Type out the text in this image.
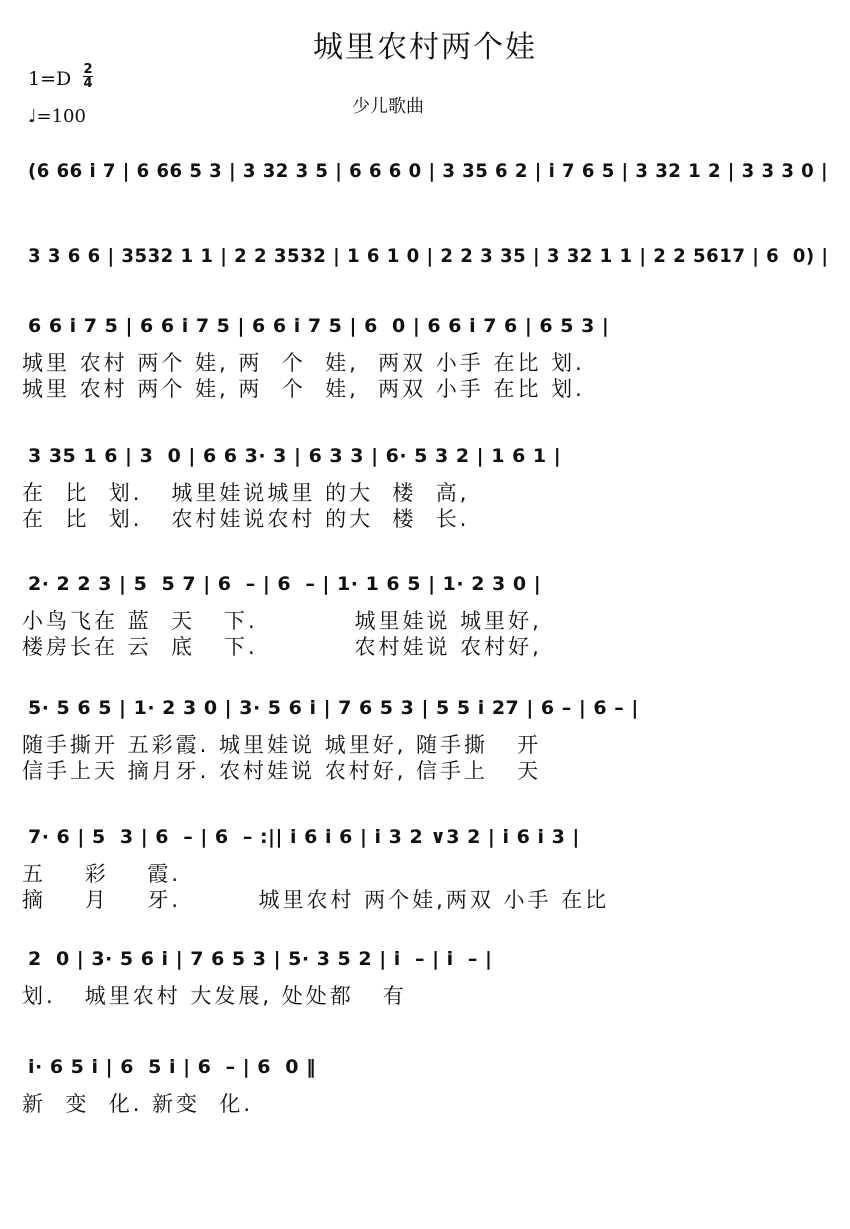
城里农村两个娃
1=D 2
4
♩=100	少儿歌曲
(6 66 i 7 | 6 66 5 3 | 3 32 3 5 | 6 6 6 0 | 3 35 6 2 | i 7 6 5 | 3 32 1 2 | 3 3 3 0 |
3 3 6 6 | 3532 1 1 | 2 2 3532 | 1 6 1 0 | 2 2 3 35 | 3 32 1 1 | 2 2 5617 | 6  0) |
6 6 i 7 5 | 6 6 i 7 5 | 6 6 i 7 5 | 6  0 | 6 6 i 7 6 | 6 5 3 |
城里 农村 两个 娃, 两  个  娃,  两双 小手 在比 划.
城里 农村 两个 娃, 两  个  娃,  两双 小手 在比 划.
3 35 1 6 | 3  0 | 6 6 3· 3 | 6 3 3 | 6· 5 3 2 | 1 6 1 |
在  比  划.   城里娃说城里 的大  楼  高,
在  比  划.   农村娃说农村 的大  楼  长.
2· 2 2 3 | 5  5 7 | 6  – | 6  – | 1· 1 6 5 | 1· 2 3 0 |
小鸟飞在 蓝  天   下.          城里娃说 城里好,
楼房长在 云  底   下.          农村娃说 农村好,
5· 5 6 5 | 1· 2 3 0 | 3· 5 6 i | 7 6 5 3 | 5 5 i 27 | 6 – | 6 – |
随手撕开 五彩霞. 城里娃说 城里好, 随手撕   开
信手上天 摘月牙. 农村娃说 农村好, 信手上   天
7· 6 | 5  3 | 6  – | 6  – :|| i 6 i 6 | i 3 2 ∨3 2 | i 6 i 3 |
五    彩    霞.
摘    月    牙.        城里农村 两个娃,两双 小手 在比
2  0 | 3· 5 6 i | 7 6 5 3 | 5· 3 5 2 | i  – | i  – |
划.   城里农村 大发展, 处处都   有
i· 6 5 i | 6  5 i | 6  – | 6  0 ‖
新  变  化. 新变  化.
